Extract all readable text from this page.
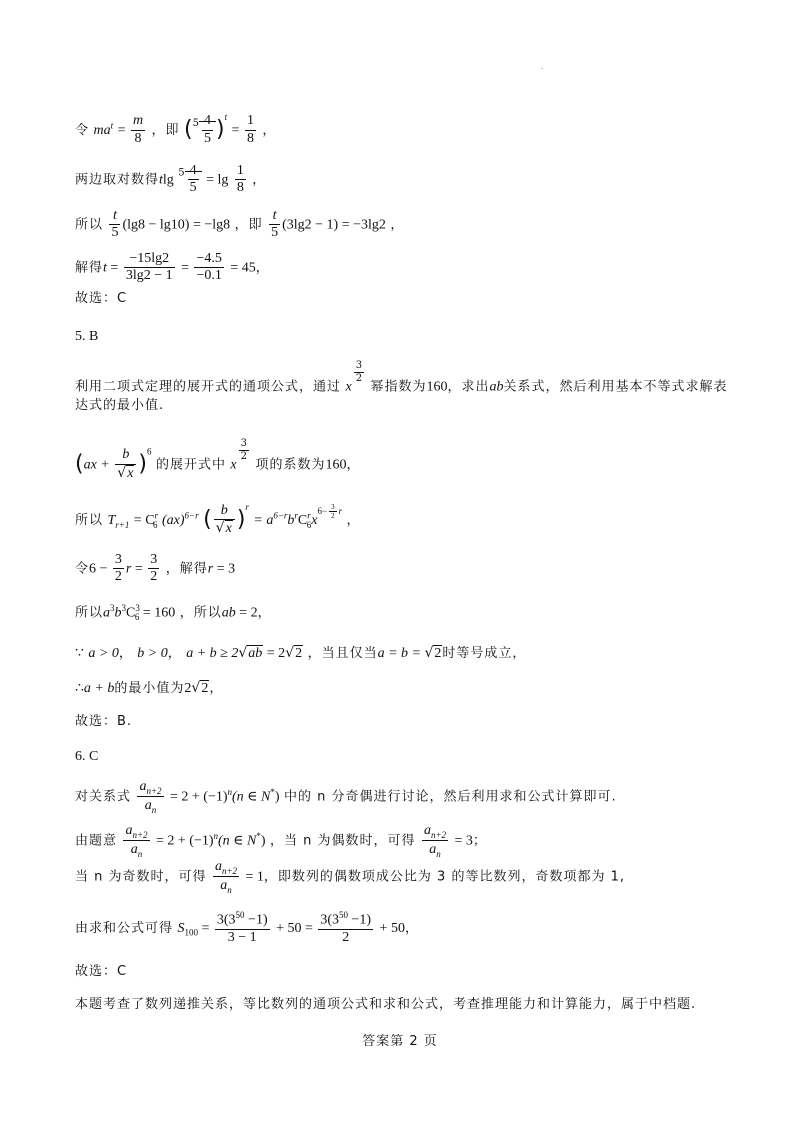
.
令 $ma^t = \frac{m}{8}$ ，即 $(^5 \frac{4}{5} )^t = \frac{1}{8}$ ，
两边取对数得tlg $^5 \frac{4}{5} = \lg \frac{1}{8}$ ，
所以 $\frac{t}{5} (\lg 8 - \lg 10) = -\lg 8$ ，即 $\frac{t}{5} (3\lg 2 - 1) = -3\lg 2$ ，
解得$t = \frac{-15\lg 2}{3\lg 2 - 1} = \frac{-4.5}{-0.1} = 45$，
故选：C
5. B
利用二项式定理的展开式的通项公式，通过 x
$\frac{3}{2}$
幂指数为160，求出ab关系式，然后利用基本不等式求解表
达式的最小值.
$(ax + \frac{b}{√x} )^6$ 的展开式中 x
$\frac{3}{2}$
项的系数为160，
所以 $T_{r+1} = C^r_6$ (ax)$^{6-r}$ ( $\frac{b}{√x} )^r = a^{6-r}b^rC^r_6x^{6- \frac{3}{2} r}$ ，
令$6 - \frac{3}{2}$ $r = \frac{3}{2}$ ，解得r = 3
所以$a^3b^3C^3_6 = 160$ ，所以ab = 2，
∵ a > 0， b > 0， a + b ≥ 2√ab = 2√2 ，当且仅当a = b = √2时等号成立，
∴a + b的最小值为2√2，
故选：B.
6. C
对关系式 $\frac{a_{n+2}}{a_n} = 2 + (-1)^n(n$ ∈ N*) 中的 n 分奇偶进行讨论，然后利用求和公式计算即可.
由题意 $\frac{a_{n+2}}{a_n} = 2 + (-1)^n(n$ ∈ N*) ，当 n 为偶数时，可得 $\frac{a_{n+2}}{a_n} = 3$；
当 n 为奇数时，可得 $\frac{a_{n+2}}{a_n} = 1$，即数列的偶数项成公比为 3 的等比数列，奇数项都为 1,
由求和公式可得 $S_{100} = \frac{3(3^{50} -1)}{3 - 1} + 50 = \frac{3(3^{50} -1)}{2} + 50$，
故选：C
本题考查了数列递推关系，等比数列的通项公式和求和公式，考查推理能力和计算能力，属于中档题.
答案第 2 页
